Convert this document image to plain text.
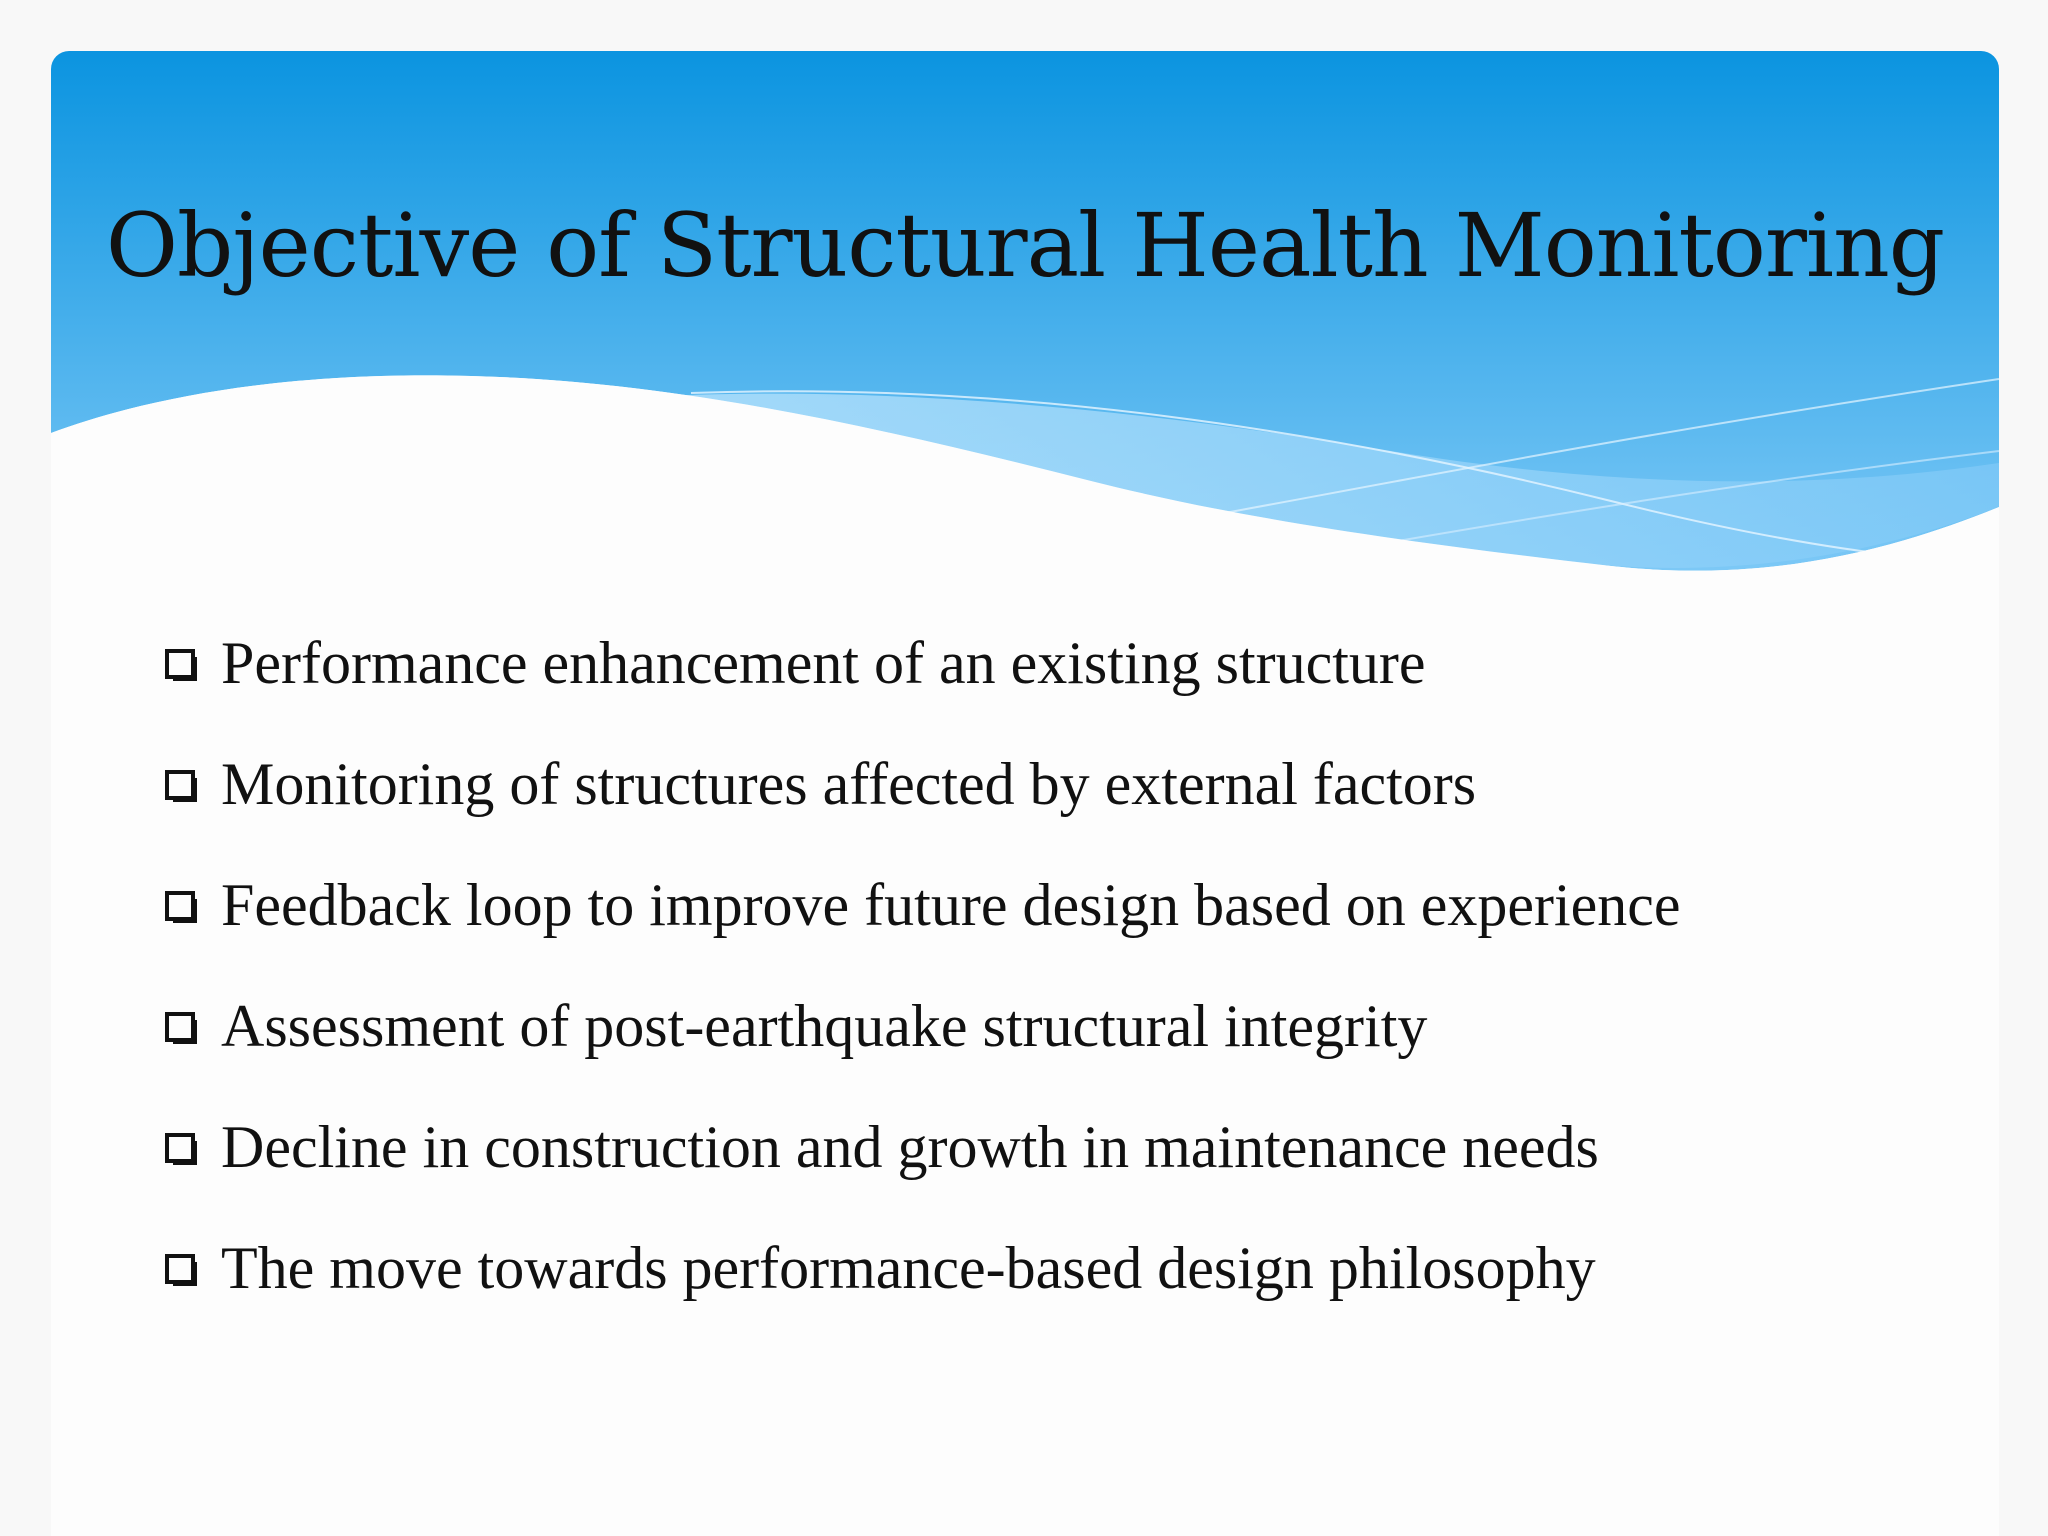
Objective of Structural Health Monitoring
Performance enhancement of an existing structure
Monitoring of structures affected by external factors
Feedback loop to improve future design based on experience
Assessment of post-earthquake structural integrity
Decline in construction and growth in maintenance needs
The move towards performance-based design philosophy
